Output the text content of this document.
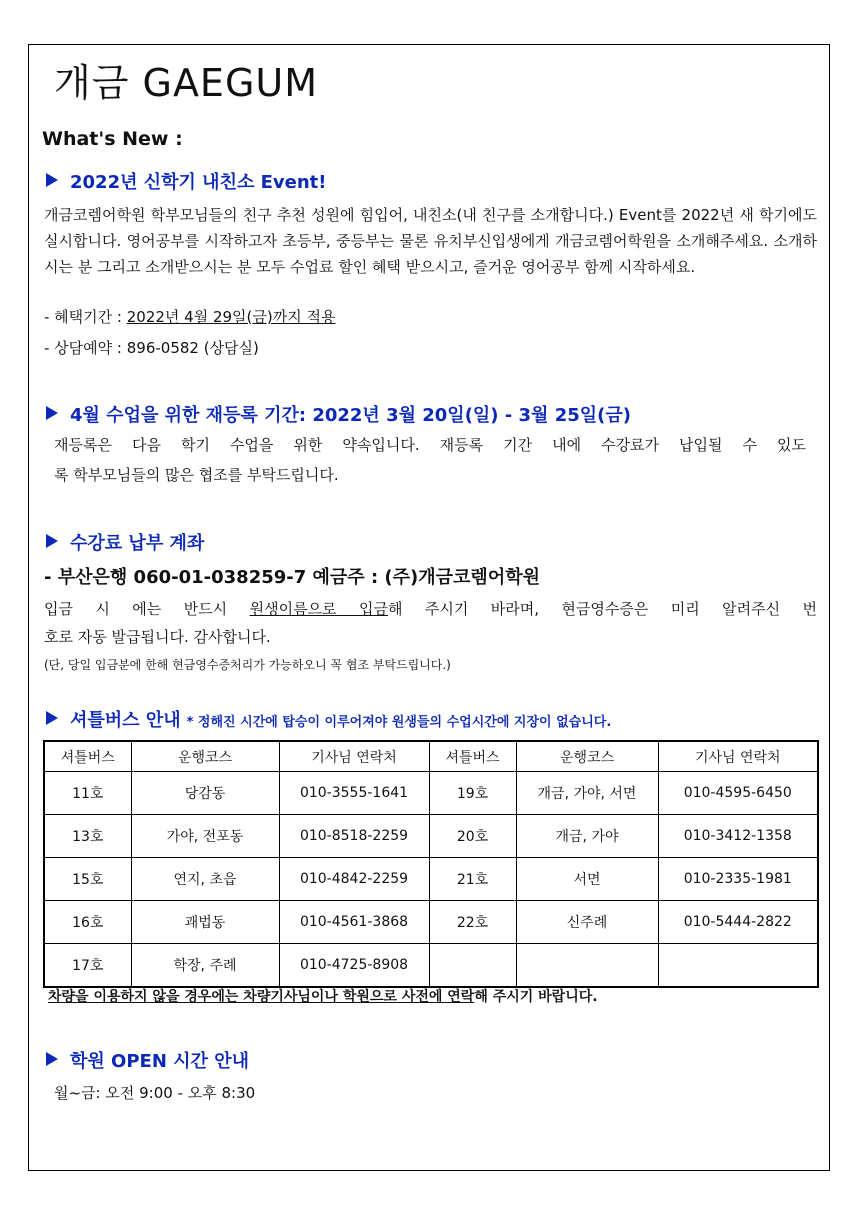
개금 GAEGUM
What's New :
2022년 신학기 내친소 Event!
개금코렘어학원 학부모님들의 친구 추천 성원에 힘입어, 내친소(내 친구를 소개합니다.) Event를 2022년 새 학기에도 실시합니다. 영어공부를 시작하고자 초등부, 중등부는 물론 유치부신입생에게 개금코렘어학원을 소개해주세요. 소개하시는 분 그리고 소개받으시는 분 모두 수업료 할인 혜택 받으시고, 즐거운 영어공부 함께 시작하세요.
- 혜택기간 : 2022년 4월 29일(금)까지 적용
- 상담예약 : 896-0582 (상담실)
4월 수업을 위한 재등록 기간: 2022년 3월 20일(일) - 3월 25일(금)
재등록은 다음 학기 수업을 위한 약속입니다. 재등록 기간 내에 수강료가 납입될 수 있도
록 학부모님들의 많은 협조를 부탁드립니다.
수강료 납부 계좌
- 부산은행 060-01-038259-7 예금주 : (주)개금코렘어학원
입금 시 에는 반드시 원생이름으로 입금해 주시기 바라며, 현금영수증은 미리 알려주신 번
호로 자동 발급됩니다. 감사합니다.
(단, 당일 입금분에 한해 현금영수증처리가 가능하오니 꼭 협조 부탁드립니다.)
셔틀버스 안내 * 정해진 시간에 탑승이 이루어져야 원생들의 수업시간에 지장이 없습니다.
셔틀버스	운행코스	기사님 연락처	셔틀버스	운행코스	기사님 연락처
11호	당감동	010-3555-1641	19호	개금, 가야, 서면	010-4595-6450
13호	가야, 전포동	010-8518-2259	20호	개금, 가야	010-3412-1358
15호	연지, 초읍	010-4842-2259	21호	서면	010-2335-1981
16호	괘법동	010-4561-3868	22호	신주례	010-5444-2822
17호	학장, 주례	010-4725-8908			
차량을 이용하지 않을 경우에는 차량기사님이나 학원으로 사전에 연락해 주시기 바랍니다.
학원 OPEN 시간 안내
월~금: 오전 9:00 - 오후 8:30
